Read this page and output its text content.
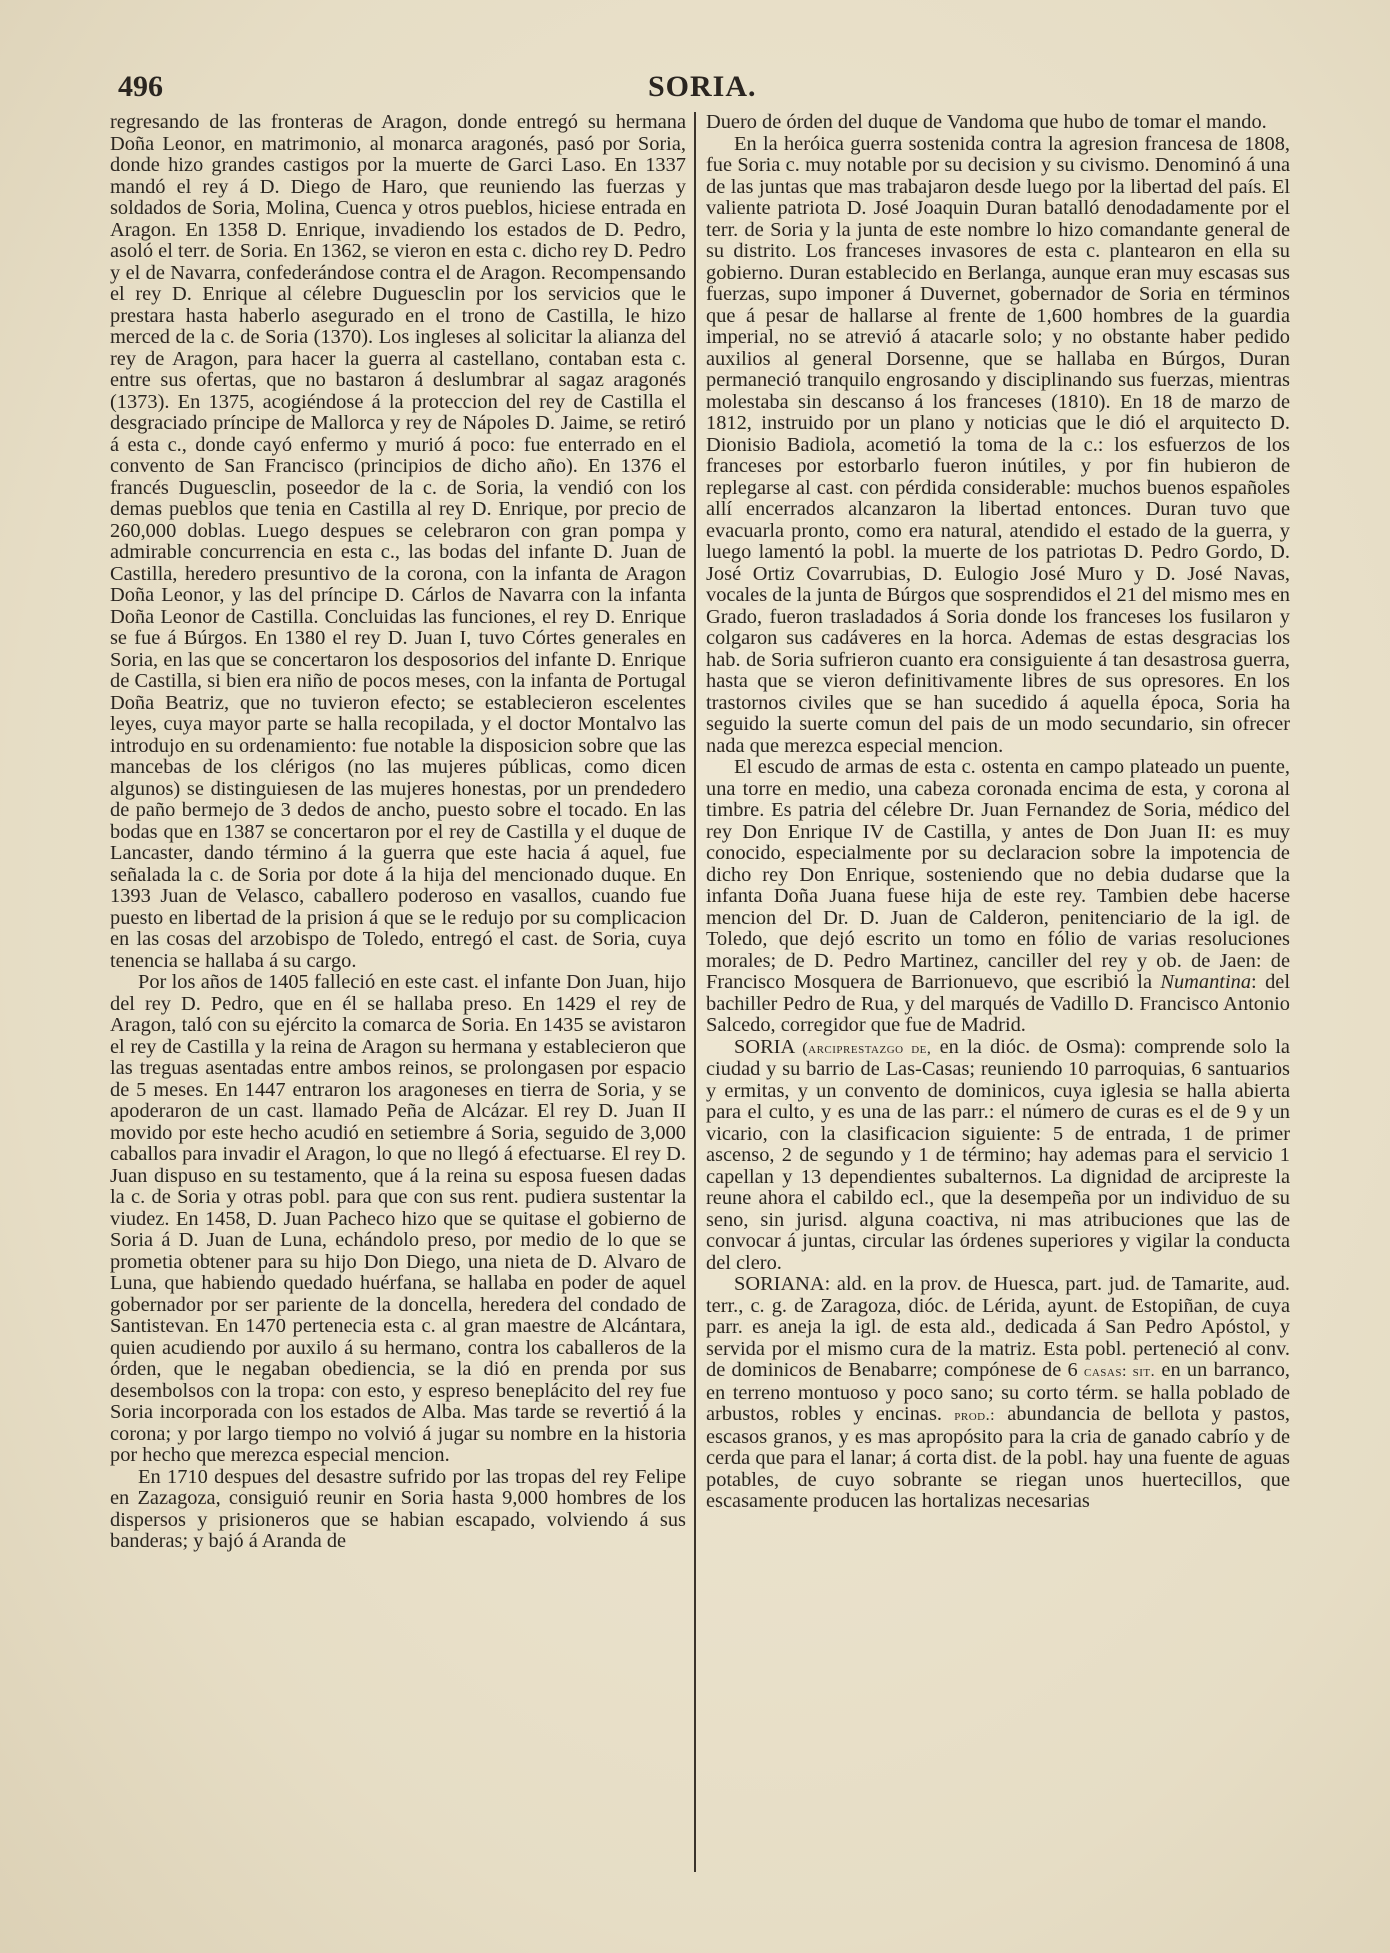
496	SORIA.

regresando de las fronteras de Aragon, donde entregó su hermana Doña Leonor, en matrimonio, al monarca aragonés, pasó por Soria, donde hizo grandes castigos por la muerte de Garci Laso. En 1337 mandó el rey á D. Diego de Haro, que reuniendo las fuerzas y soldados de Soria, Molina, Cuenca y otros pueblos, hiciese entrada en Aragon. En 1358 D. Enrique, invadiendo los estados de D. Pedro, asoló el terr. de Soria. En 1362, se vieron en esta c. dicho rey D. Pedro y el de Navarra, confederándose contra el de Aragon. Recompensando el rey D. Enrique al célebre Duguesclin por los servicios que le prestara hasta haberlo asegurado en el trono de Castilla, le hizo merced de la c. de Soria (1370). Los ingleses al solicitar la alianza del rey de Aragon, para hacer la guerra al castellano, contaban esta c. entre sus ofertas, que no bastaron á deslumbrar al sagaz aragonés (1373). En 1375, acogiéndose á la proteccion del rey de Castilla el desgraciado príncipe de Mallorca y rey de Nápoles D. Jaime, se retiró á esta c., donde cayó enfermo y murió á poco: fue enterrado en el convento de San Francisco (principios de dicho año). En 1376 el francés Duguesclin, poseedor de la c. de Soria, la vendió con los demas pueblos que tenia en Castilla al rey D. Enrique, por precio de 260,000 doblas. Luego despues se celebraron con gran pompa y admirable concurrencia en esta c., las bodas del infante D. Juan de Castilla, heredero presuntivo de la corona, con la infanta de Aragon Doña Leonor, y las del príncipe D. Cárlos de Navarra con la infanta Doña Leonor de Castilla. Concluidas las funciones, el rey D. Enrique se fue á Búrgos. En 1380 el rey D. Juan I, tuvo Córtes generales en Soria, en las que se concertaron los desposorios del infante D. Enrique de Castilla, si bien era niño de pocos meses, con la infanta de Portugal Doña Beatriz, que no tuvieron efecto; se establecieron escelentes leyes, cuya mayor parte se halla recopilada, y el doctor Montalvo las introdujo en su ordenamiento: fue notable la disposicion sobre que las mancebas de los clérigos (no las mujeres públicas, como dicen algunos) se distinguiesen de las mujeres honestas, por un prendedero de paño bermejo de 3 dedos de ancho, puesto sobre el tocado. En las bodas que en 1387 se concertaron por el rey de Castilla y el duque de Lancaster, dando término á la guerra que este hacia á aquel, fue señalada la c. de Soria por dote á la hija del mencionado duque. En 1393 Juan de Velasco, caballero poderoso en vasallos, cuando fue puesto en libertad de la prision á que se le redujo por su complicacion en las cosas del arzobispo de Toledo, entregó el cast. de Soria, cuya tenencia se hallaba á su cargo.

Por los años de 1405 falleció en este cast. el infante Don Juan, hijo del rey D. Pedro, que en él se hallaba preso. En 1429 el rey de Aragon, taló con su ejército la comarca de Soria. En 1435 se avistaron el rey de Castilla y la reina de Aragon su hermana y establecieron que las treguas asentadas entre ambos reinos, se prolongasen por espacio de 5 meses. En 1447 entraron los aragoneses en tierra de Soria, y se apoderaron de un cast. llamado Peña de Alcázar. El rey D. Juan II movido por este hecho acudió en setiembre á Soria, seguido de 3,000 caballos para invadir el Aragon, lo que no llegó á efectuarse. El rey D. Juan dispuso en su testamento, que á la reina su esposa fuesen dadas la c. de Soria y otras pobl. para que con sus rent. pudiera sustentar la viudez. En 1458, D. Juan Pacheco hizo que se quitase el gobierno de Soria á D. Juan de Luna, echándolo preso, por medio de lo que se prometia obtener para su hijo Don Diego, una nieta de D. Alvaro de Luna, que habiendo quedado huérfana, se hallaba en poder de aquel gobernador por ser pariente de la doncella, heredera del condado de Santistevan. En 1470 pertenecia esta c. al gran maestre de Alcántara, quien acudiendo por auxilo á su hermano, contra los caballeros de la órden, que le negaban obediencia, se la dió en prenda por sus desembolsos con la tropa: con esto, y espreso beneplácito del rey fue Soria incorporada con los estados de Alba. Mas tarde se revertió á la corona; y por largo tiempo no volvió á jugar su nombre en la historia por hecho que merezca especial mencion.

En 1710 despues del desastre sufrido por las tropas del rey Felipe en Zazagoza, consiguió reunir en Soria hasta 9,000 hombres de los dispersos y prisioneros que se habian escapado, volviendo á sus banderas; y bajó á Aranda de

Duero de órden del duque de Vandoma que hubo de tomar el mando.

En la heróica guerra sostenida contra la agresion francesa de 1808, fue Soria c. muy notable por su decision y su civismo. Denominó á una de las juntas que mas trabajaron desde luego por la libertad del país. El valiente patriota D. José Joaquin Duran batalló denodadamente por el terr. de Soria y la junta de este nombre lo hizo comandante general de su distrito. Los franceses invasores de esta c. plantearon en ella su gobierno. Duran establecido en Berlanga, aunque eran muy escasas sus fuerzas, supo imponer á Duvernet, gobernador de Soria en términos que á pesar de hallarse al frente de 1,600 hombres de la guardia imperial, no se atrevió á atacarle solo; y no obstante haber pedido auxilios al general Dorsenne, que se hallaba en Búrgos, Duran permaneció tranquilo engrosando y disciplinando sus fuerzas, mientras molestaba sin descanso á los franceses (1810). En 18 de marzo de 1812, instruido por un plano y noticias que le dió el arquitecto D. Dionisio Badiola, acometió la toma de la c.: los esfuerzos de los franceses por estorbarlo fueron inútiles, y por fin hubieron de replegarse al cast. con pérdida considerable: muchos buenos españoles allí encerrados alcanzaron la libertad entonces. Duran tuvo que evacuarla pronto, como era natural, atendido el estado de la guerra, y luego lamentó la pobl. la muerte de los patriotas D. Pedro Gordo, D. José Ortiz Covarrubias, D. Eulogio José Muro y D. José Navas, vocales de la junta de Búrgos que sosprendidos el 21 del mismo mes en Grado, fueron trasladados á Soria donde los franceses los fusilaron y colgaron sus cadáveres en la horca. Ademas de estas desgracias los hab. de Soria sufrieron cuanto era consiguiente á tan desastrosa guerra, hasta que se vieron definitivamente libres de sus opresores. En los trastornos civiles que se han sucedido á aquella época, Soria ha seguido la suerte comun del pais de un modo secundario, sin ofrecer nada que merezca especial mencion.

El escudo de armas de esta c. ostenta en campo plateado un puente, una torre en medio, una cabeza coronada encima de esta, y corona al timbre. Es patria del célebre Dr. Juan Fernandez de Soria, médico del rey Don Enrique IV de Castilla, y antes de Don Juan II: es muy conocido, especialmente por su declaracion sobre la impotencia de dicho rey Don Enrique, sosteniendo que no debia dudarse que la infanta Doña Juana fuese hija de este rey. Tambien debe hacerse mencion del Dr. D. Juan de Calderon, penitenciario de la igl. de Toledo, que dejó escrito un tomo en fólio de varias resoluciones morales; de D. Pedro Martinez, canciller del rey y ob. de Jaen: de Francisco Mosquera de Barrionuevo, que escribió la Numantina: del bachiller Pedro de Rua, y del marqués de Vadillo D. Francisco Antonio Salcedo, corregidor que fue de Madrid.

SORIA (arciprestazgo de, en la dióc. de Osma): comprende solo la ciudad y su barrio de Las-Casas; reuniendo 10 parroquias, 6 santuarios y ermitas, y un convento de dominicos, cuya iglesia se halla abierta para el culto, y es una de las parr.: el número de curas es el de 9 y un vicario, con la clasificacion siguiente: 5 de entrada, 1 de primer ascenso, 2 de segundo y 1 de término; hay ademas para el servicio 1 capellan y 13 dependientes subalternos. La dignidad de arcipreste la reune ahora el cabildo ecl., que la desempeña por un individuo de su seno, sin jurisd. alguna coactiva, ni mas atribuciones que las de convocar á juntas, circular las órdenes superiores y vigilar la conducta del clero.

SORIANA: ald. en la prov. de Huesca, part. jud. de Tamarite, aud. terr., c. g. de Zaragoza, dióc. de Lérida, ayunt. de Estopiñan, de cuya parr. es aneja la igl. de esta ald., dedicada á San Pedro Apóstol, y servida por el mismo cura de la matriz. Esta pobl. perteneció al conv. de dominicos de Benabarre; compónese de 6 casas: sit. en un barranco, en terreno montuoso y poco sano; su corto térm. se halla poblado de arbustos, robles y encinas. prod.: abundancia de bellota y pastos, escasos granos, y es mas apropósito para la cria de ganado cabrío y de cerda que para el lanar; á corta dist. de la pobl. hay una fuente de aguas potables, de cuyo sobrante se riegan unos huertecillos, que escasamente producen las hortalizas necesarias
